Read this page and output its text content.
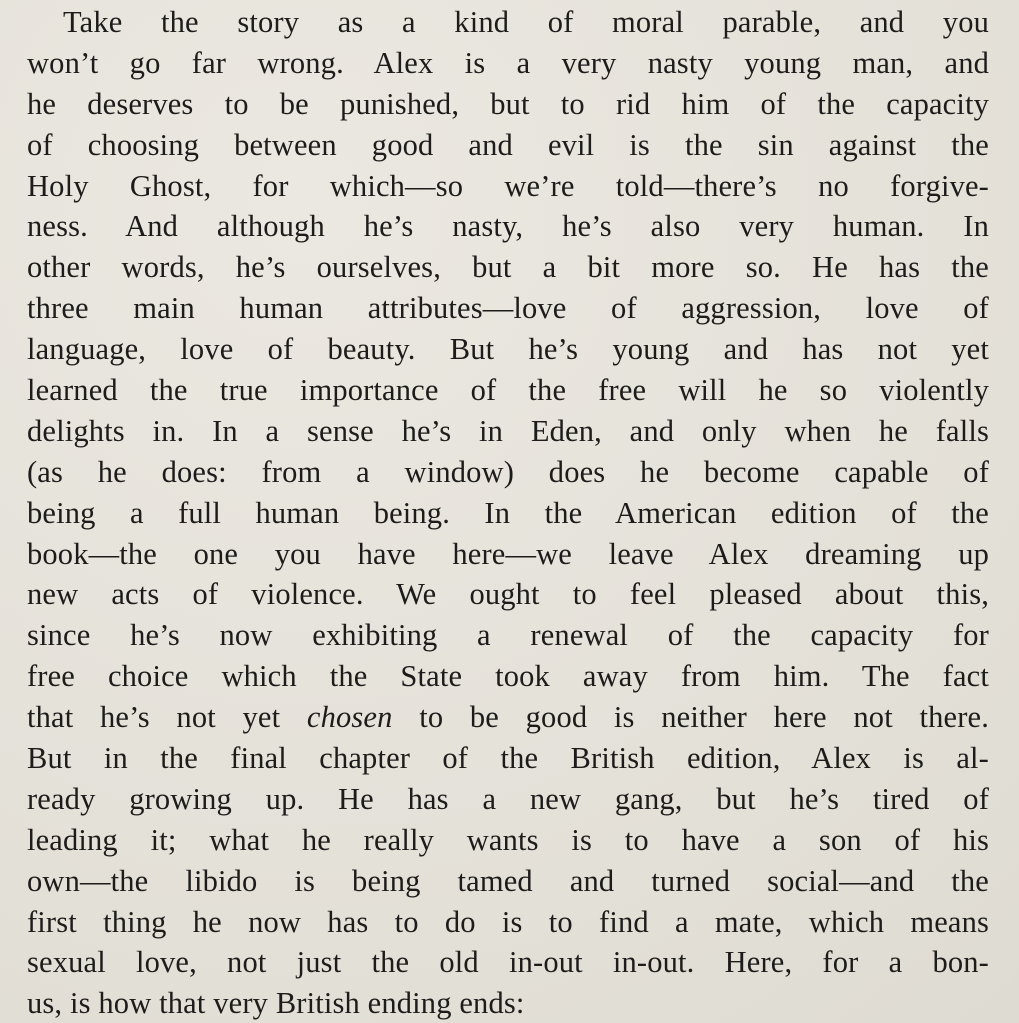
Take the story as a kind of moral parable, and you
won’t go far wrong. Alex is a very nasty young man, and
he deserves to be punished, but to rid him of the capacity
of choosing between good and evil is the sin against the
Holy Ghost, for which—so we’re told—there’s no forgive-
ness. And although he’s nasty, he’s also very human. In
other words, he’s ourselves, but a bit more so. He has the
three main human attributes—love of aggression, love of
language, love of beauty. But he’s young and has not yet
learned the true importance of the free will he so violently
delights in. In a sense he’s in Eden, and only when he falls
(as he does: from a window) does he become capable of
being a full human being. In the American edition of the
book—the one you have here—we leave Alex dreaming up
new acts of violence. We ought to feel pleased about this,
since he’s now exhibiting a renewal of the capacity for
free choice which the State took away from him. The fact
that he’s not yet chosen to be good is neither here not there.
But in the final chapter of the British edition, Alex is al-
ready growing up. He has a new gang, but he’s tired of
leading it; what he really wants is to have a son of his
own—the libido is being tamed and turned social—and the
first thing he now has to do is to find a mate, which means
sexual love, not just the old in-out in-out. Here, for a bon-
us, is how that very British ending ends:
